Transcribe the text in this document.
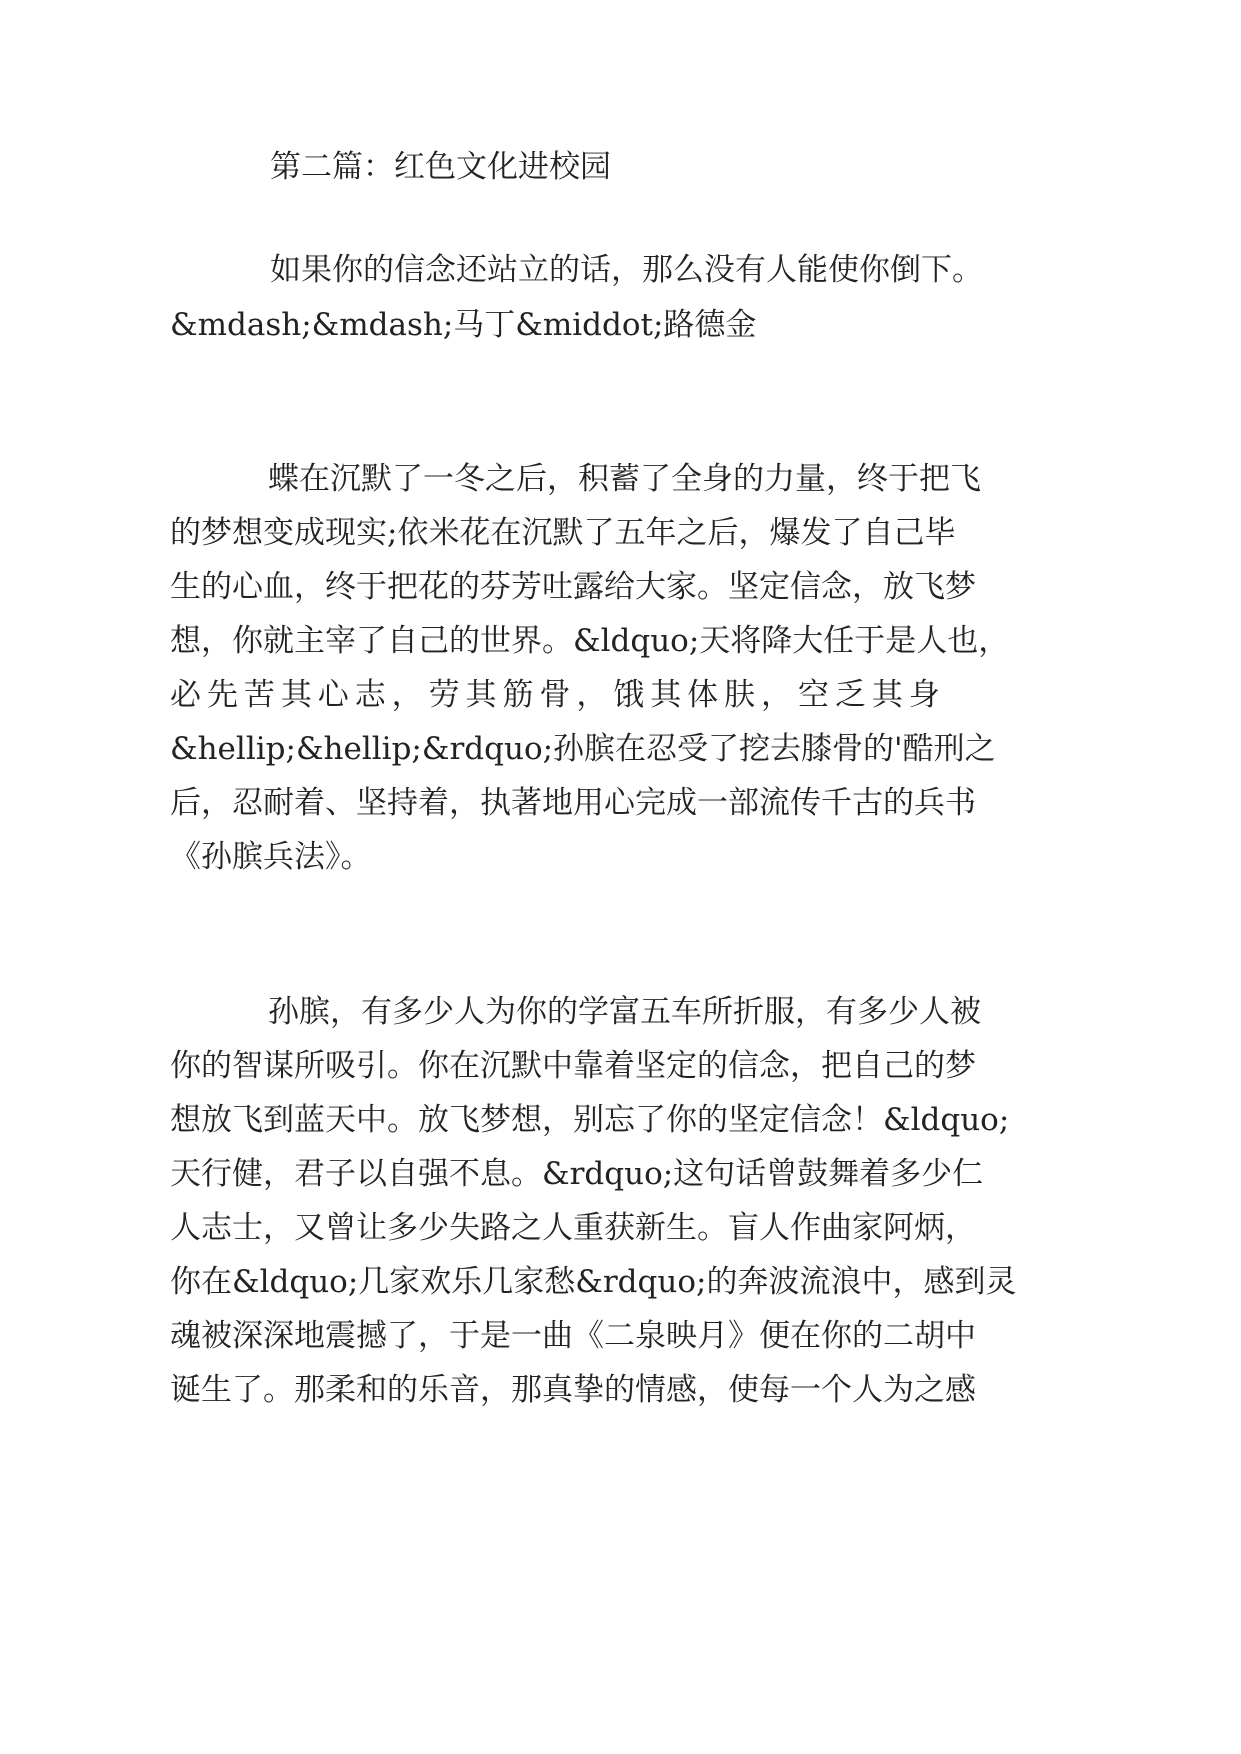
第二篇：红色文化进校园
如果你的信念还站立的话，那么没有人能使你倒下。
&mdash;&mdash;马丁&middot;路德金
蝶在沉默了一冬之后，积蓄了全身的力量，终于把飞
的梦想变成现实;依米花在沉默了五年之后，爆发了自己毕
生的心血，终于把花的芬芳吐露给大家。坚定信念，放飞梦
想，你就主宰了自己的世界。&ldquo;天将降大任于是人也，
必 先 苦 其 心 志 ， 劳 其 筋 骨 ， 饿 其 体 肤 ， 空 乏 其 身
&hellip;&hellip;&rdquo;孙膑在忍受了挖去膝骨的'酷刑之
后，忍耐着、坚持着，执著地用心完成一部流传千古的兵书
《孙膑兵法》。
孙膑，有多少人为你的学富五车所折服，有多少人被
你的智谋所吸引。你在沉默中靠着坚定的信念，把自己的梦
想放飞到蓝天中。放飞梦想，别忘了你的坚定信念！&ldquo;
天行健，君子以自强不息。&rdquo;这句话曾鼓舞着多少仁
人志士，又曾让多少失路之人重获新生。盲人作曲家阿炳，
你在&ldquo;几家欢乐几家愁&rdquo;的奔波流浪中，感到灵
魂被深深地震撼了，于是一曲《二泉映月》便在你的二胡中
诞生了。那柔和的乐音，那真挚的情感，使每一个人为之感
